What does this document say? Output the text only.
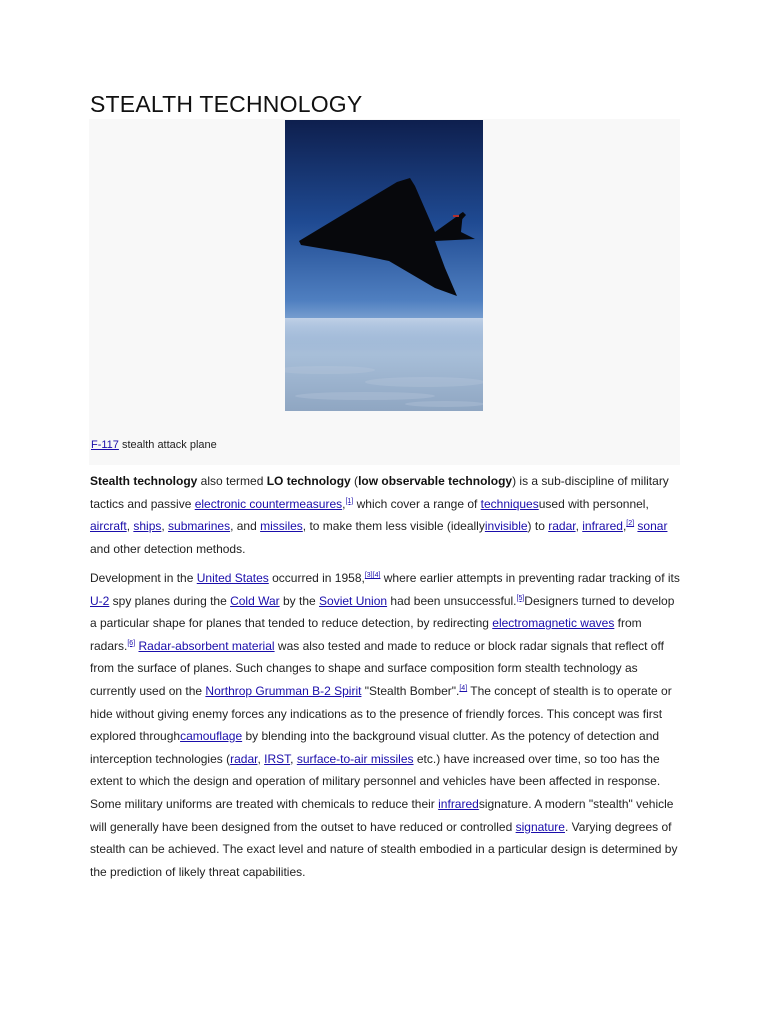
STEALTH TECHNOLOGY
F-117 stealth attack plane
Stealth technology also termed LO technology (low observable technology) is a sub-discipline of military tactics and passive electronic countermeasures,[1] which cover a range of techniquesused with personnel, aircraft, ships, submarines, and missiles, to make them less visible (ideallyinvisible) to radar, infrared,[2] sonar and other detection methods.
Development in the United States occurred in 1958,[3][4] where earlier attempts in preventing radar tracking of its U-2 spy planes during the Cold War by the Soviet Union had been unsuccessful.[5]Designers turned to develop a particular shape for planes that tended to reduce detection, by redirecting electromagnetic waves from radars.[6] Radar-absorbent material was also tested and made to reduce or block radar signals that reflect off from the surface of planes. Such changes to shape and surface composition form stealth technology as currently used on the Northrop Grumman B-2 Spirit "Stealth Bomber".[4] The concept of stealth is to operate or hide without giving enemy forces any indications as to the presence of friendly forces. This concept was first explored throughcamouflage by blending into the background visual clutter. As the potency of detection and interception technologies (radar, IRST, surface-to-air missiles etc.) have increased over time, so too has the extent to which the design and operation of military personnel and vehicles have been affected in response. Some military uniforms are treated with chemicals to reduce their infraredsignature. A modern "stealth" vehicle will generally have been designed from the outset to have reduced or controlled signature. Varying degrees of stealth can be achieved. The exact level and nature of stealth embodied in a particular design is determined by the prediction of likely threat capabilities.
